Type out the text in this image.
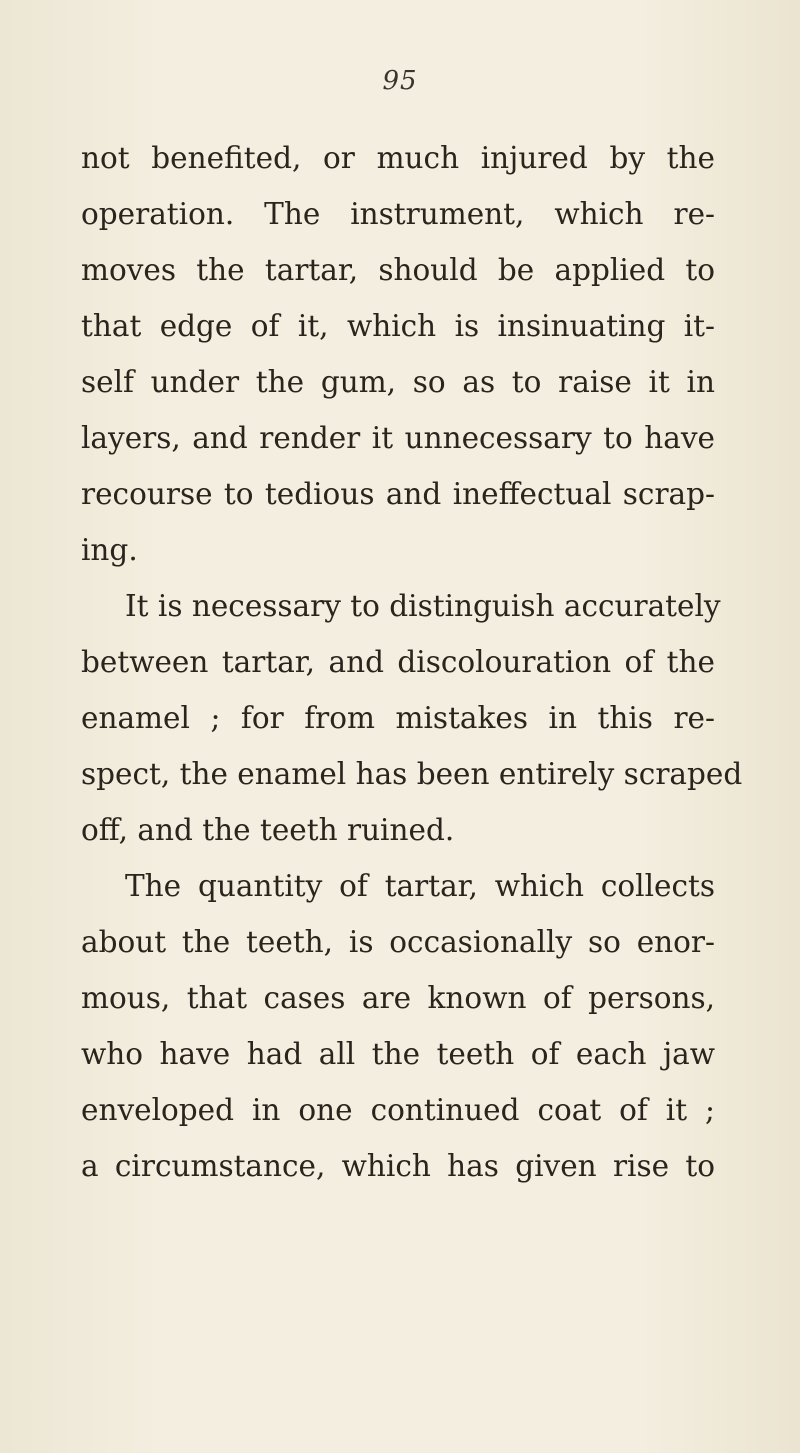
95
not benefited, or much injured by the
operation. The instrument, which re-
moves the tartar, should be applied to
that edge of it, which is insinuating it-
self under the gum, so as to raise it in
layers, and render it unnecessary to have
recourse to tedious and ineffectual scrap-
ing.
It is necessary to distinguish accurately
between tartar, and discolouration of the
enamel ; for from mistakes in this re-
spect, the enamel has been entirely scraped
off, and the teeth ruined.
The quantity of tartar, which collects
about the teeth, is occasionally so enor-
mous, that cases are known of persons,
who have had all the teeth of each jaw
enveloped in one continued coat of it ;
a circumstance, which has given rise to
